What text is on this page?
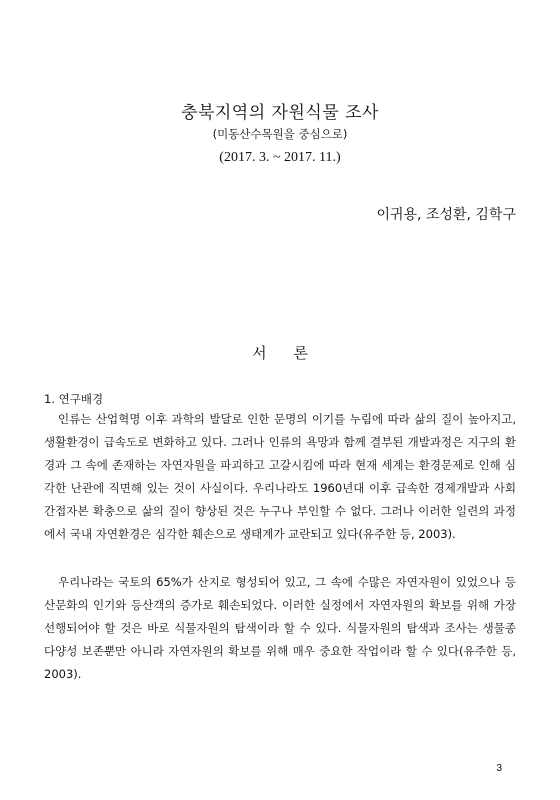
충북지역의 자원식물 조사
(미동산수목원을 중심으로)
(2017. 3. ~ 2017. 11.)
이귀용, 조성환, 김학구
서 론
1. 연구배경

인류는 산업혁명 이후 과학의 발달로 인한 문명의 이기를 누림에 따라 삶의 질이 높아지고, 생활환경이 급속도로 변화하고 있다. 그러나 인류의 욕망과 함께 결부된 개발과정은 지구의 환경과 그 속에 존재하는 자연자원을 파괴하고 고갈시킴에 따라 현재 세계는 환경문제로 인해 심각한 난관에 직면해 있는 것이 사실이다. 우리나라도 1960년대 이후 급속한 경제개발과 사회간접자본 확충으로 삶의 질이 향상된 것은 누구나 부인할 수 없다. 그러나 이러한 일련의 과정에서 국내 자연환경은 심각한 훼손으로 생태계가 교란되고 있다(유주한 등, 2003).

우리나라는 국토의 65%가 산지로 형성되어 있고, 그 속에 수많은 자연자원이 있었으나 등산문화의 인기와 등산객의 증가로 훼손되었다. 이러한 실정에서 자연자원의 확보를 위해 가장 선행되어야 할 것은 바로 식물자원의 탐색이라 할 수 있다. 식물자원의 탐색과 조사는 생물종 다양성 보존뿐만 아니라 자연자원의 확보를 위해 매우 중요한 작업이라 할 수 있다(유주한 등, 2003).

3
